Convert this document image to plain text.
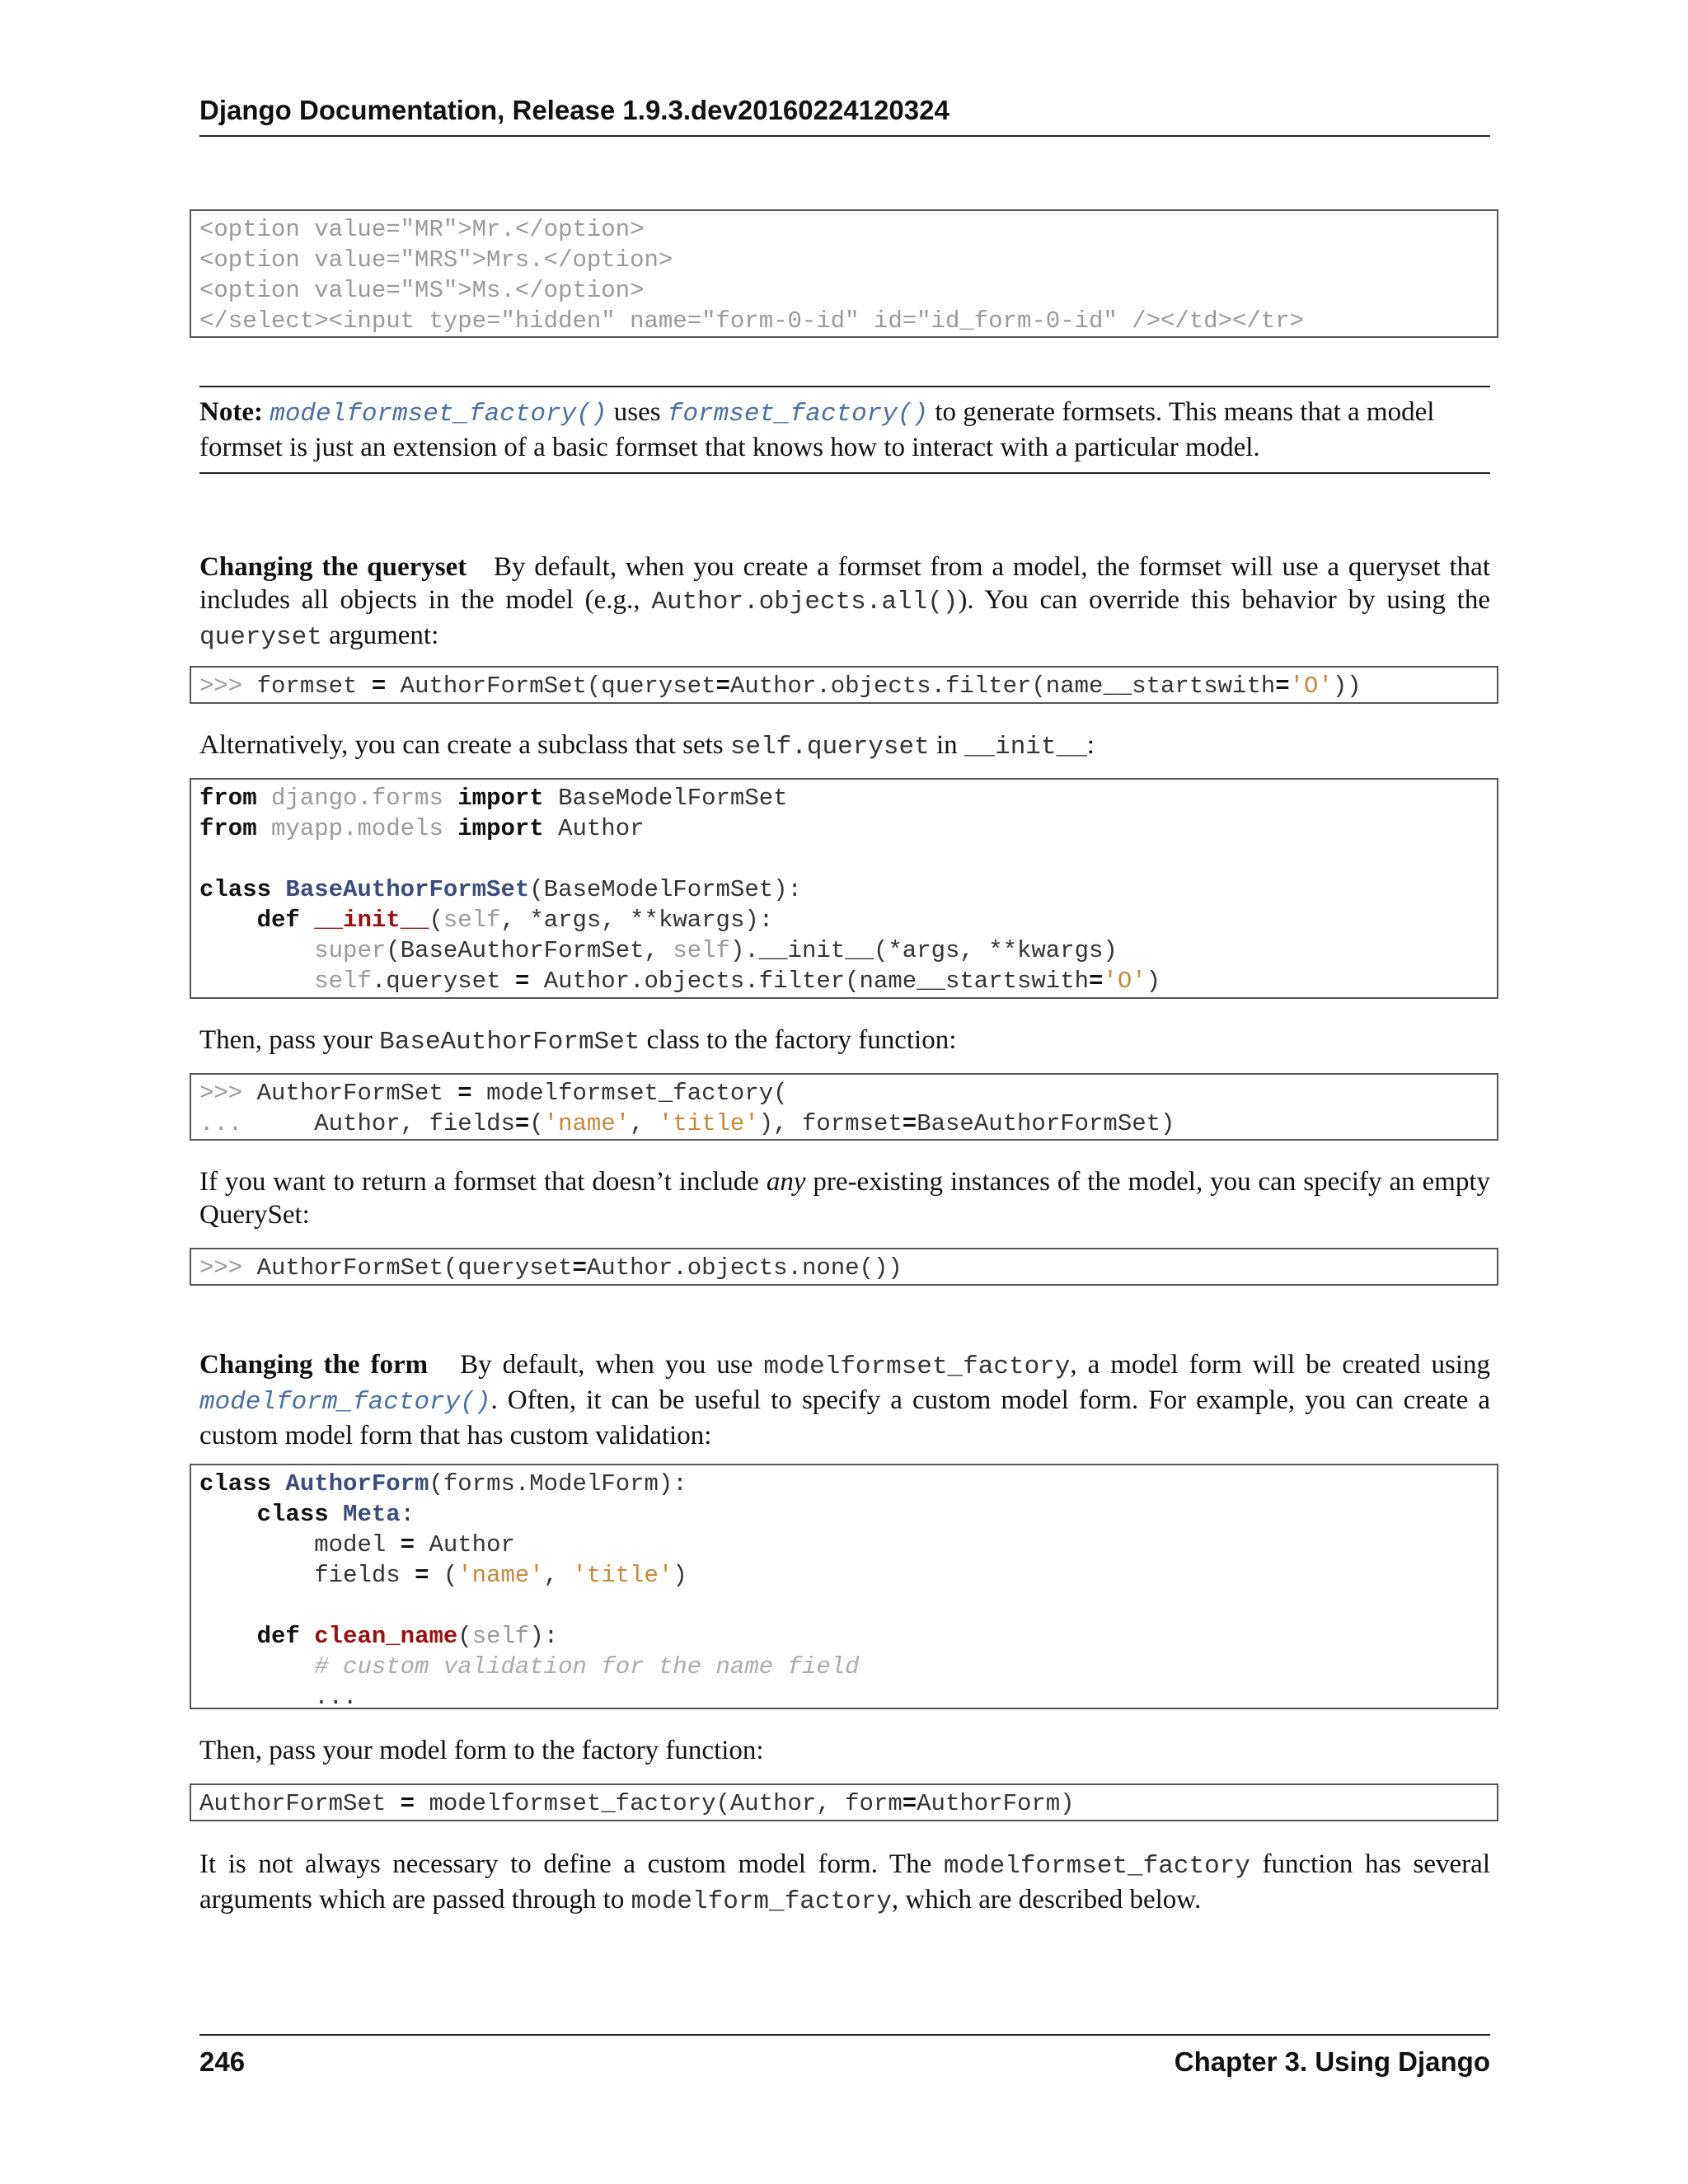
Django Documentation, Release 1.9.3.dev20160224120324
<option value="MR">Mr.</option>
<option value="MRS">Mrs.</option>
<option value="MS">Ms.</option>
</select><input type="hidden" name="form-0-id" id="id_form-0-id" /></td></tr>
Note: modelformset_factory() uses formset_factory() to generate formsets. This means that a model formset is just an extension of a basic formset that knows how to interact with a particular model.
Changing the queryset By default, when you create a formset from a model, the formset will use a queryset that includes all objects in the model (e.g., Author.objects.all()). You can override this behavior by using the queryset argument:
>>> formset = AuthorFormSet(queryset=Author.objects.filter(name__startswith='O'))
Alternatively, you can create a subclass that sets self.queryset in __init__:
from django.forms import BaseModelFormSet
from myapp.models import Author

class BaseAuthorFormSet(BaseModelFormSet):
def __init__(self, *args, **kwargs):
super(BaseAuthorFormSet, self).__init__(*args, **kwargs)
self.queryset = Author.objects.filter(name__startswith='O')
Then, pass your BaseAuthorFormSet class to the factory function:
>>> AuthorFormSet = modelformset_factory(
...     Author, fields=('name', 'title'), formset=BaseAuthorFormSet)
If you want to return a formset that doesn’t include any pre-existing instances of the model, you can specify an empty QuerySet:
>>> AuthorFormSet(queryset=Author.objects.none())
Changing the form By default, when you use modelformset_factory, a model form will be created using modelform_factory(). Often, it can be useful to specify a custom model form. For example, you can create a custom model form that has custom validation:
class AuthorForm(forms.ModelForm):
class Meta:
model = Author
fields = ('name', 'title')

def clean_name(self):
# custom validation for the name field
...
Then, pass your model form to the factory function:
AuthorFormSet = modelformset_factory(Author, form=AuthorForm)
It is not always necessary to define a custom model form. The modelformset_factory function has several arguments which are passed through to modelform_factory, which are described below.
246	Chapter 3. Using Django
